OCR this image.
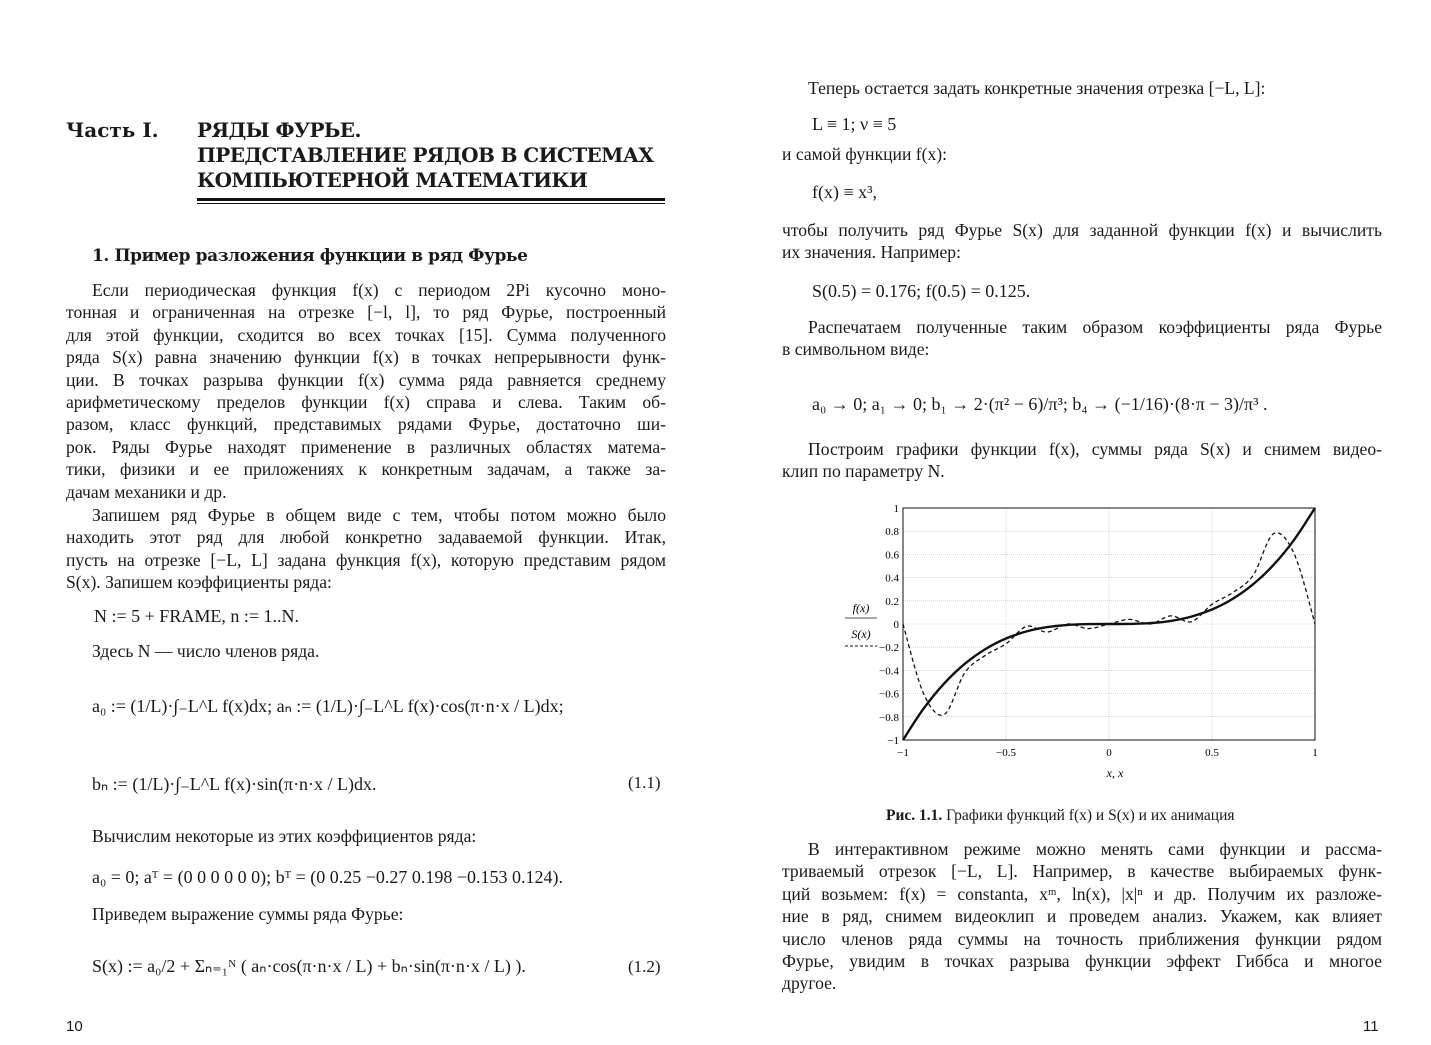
Часть I. РЯДЫ ФУРЬЕ.
ПРЕДСТАВЛЕНИЕ РЯДОВ В СИСТЕМАХ
КОМПЬЮТЕРНОЙ МАТЕМАТИКИ
1. Пример разложения функции в ряд Фурье
Если периодическая функция f(x) с периодом 2Pi кусочно моно-
тонная и ограниченная на отрезке [−l, l], то ряд Фурье, построенный
для этой функции, сходится во всех точках [15]. Сумма полученного
ряда S(x) равна значению функции f(x) в точках непрерывности функ-
ции. В точках разрыва функции f(x) сумма ряда равняется среднему
арифметическому пределов функции f(x) справа и слева. Таким об-
разом, класс функций, представимых рядами Фурье, достаточно ши-
рок. Ряды Фурье находят применение в различных областях матема-
тики, физики и ее приложениях к конкретным задачам, а также за-
дачам механики и др.
Запишем ряд Фурье в общем виде с тем, чтобы потом можно было
находить этот ряд для любой конкретно задаваемой функции. Итак,
пусть на отрезке [−L, L] задана функция f(x), которую представим рядом
S(x). Запишем коэффициенты ряда:
N := 5 + FRAME, n := 1..N.
Здесь N — число членов ряда.
a₀ := (1/L)·∫₋L^L f(x)dx; aₙ := (1/L)·∫₋L^L f(x)·cos(π·n·x / L)dx;
bₙ := (1/L)·∫₋L^L f(x)·sin(π·n·x / L)dx.	(1.1)
Вычислим некоторые из этих коэффициентов ряда:
a₀ = 0; aᵀ = (0 0 0 0 0 0); bᵀ = (0 0.25 −0.27 0.198 −0.153 0.124).
Приведем выражение суммы ряда Фурье:
S(x) := a₀/2 + Σₙ₌₁ᴺ ( aₙ·cos(π·n·x / L) + bₙ·sin(π·n·x / L) ).	(1.2)
10
Теперь остается задать конкретные значения отрезка [−L, L]:
L ≡ 1; ν ≡ 5
и самой функции f(x):
f(x) ≡ x³,
чтобы получить ряд Фурье S(x) для заданной функции f(x) и вычислить
их значения. Например:
S(0.5) = 0.176; f(0.5) = 0.125.
Распечатаем полученные таким образом коэффициенты ряда Фурье
в символьном виде:
a₀ → 0; a₁ → 0; b₁ → 2·(π² − 6)/π³; b₄ → (−1/16)·(8·π − 3)/π³ .
Построим графики функции f(x), суммы ряда S(x) и снимем видео-
клип по параметру N.
1
0.8
0.6
0.4
0.2
0
−0.2
−0.4
−0.6
−0.8
−1
−1	−0.5	0	0.5	1
f(x)
S(x)
x, x
Рис. 1.1. Графики функций f(x) и S(x) и их анимация
В интерактивном режиме можно менять сами функции и рассма-
триваемый отрезок [−L, L]. Например, в качестве выбираемых функ-
ций возьмем: f(x) = constanta, xᵐ, ln(x), |x|ⁿ и др. Получим их разложе-
ние в ряд, снимем видеоклип и проведем анализ. Укажем, как влияет
число членов ряда суммы на точность приближения функции рядом
Фурье, увидим в точках разрыва функции эффект Гиббса и многое
другое.
11
